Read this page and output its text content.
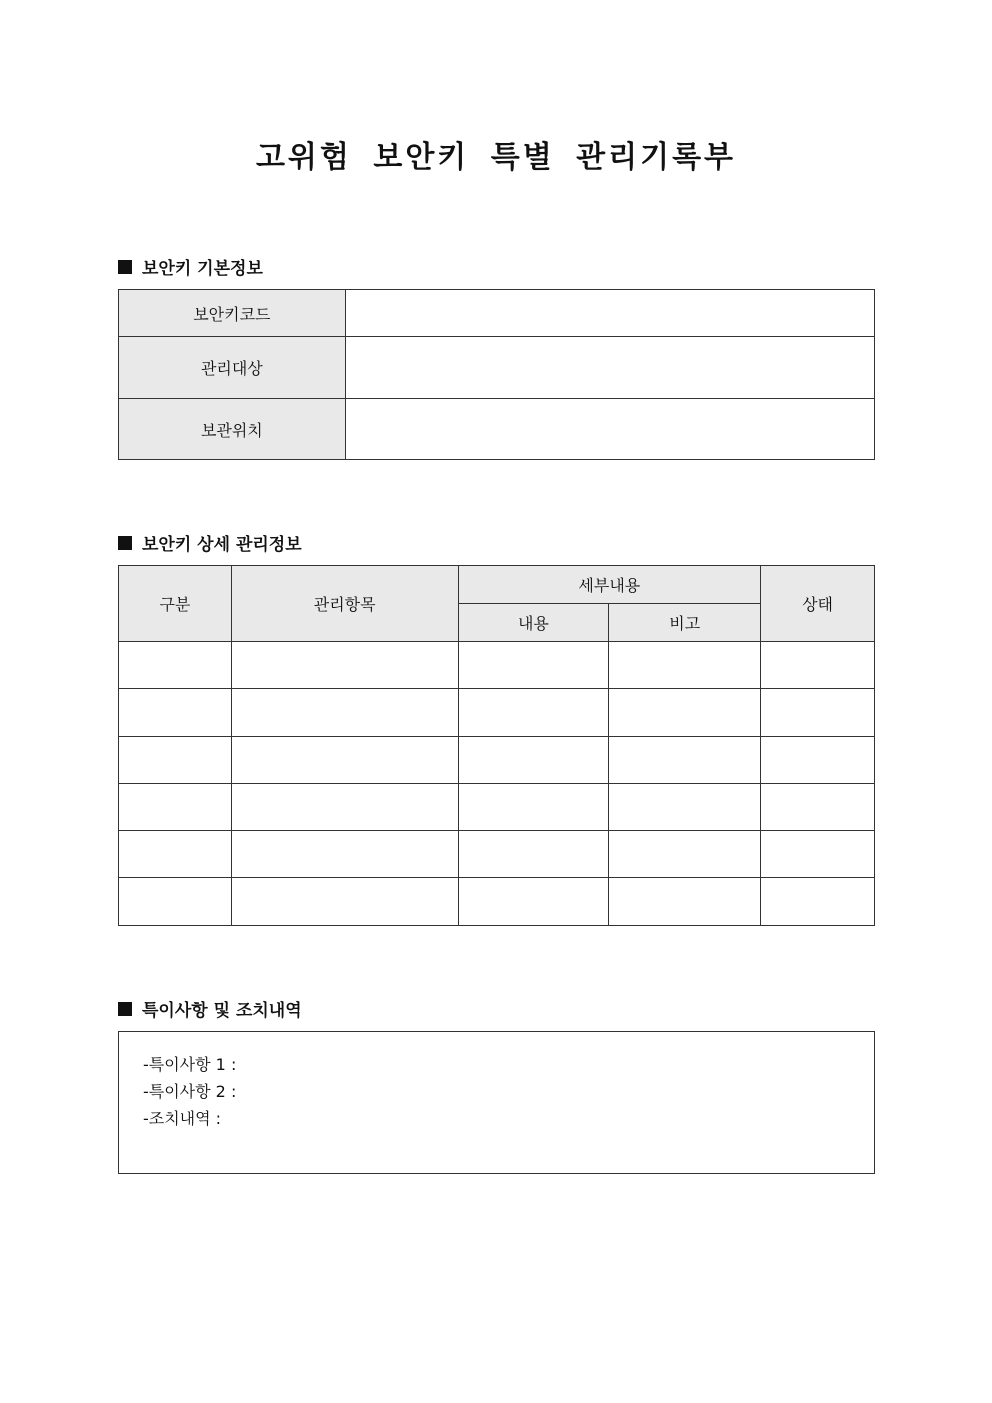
고위험 보안키 특별 관리기록부
보안키 기본정보
보안키코드	
관리대상	
보관위치	
보안키 상세 관리정보
구분	관리항목	세부내용		상태
		내용	비고	

특이사항 및 조치내역
-특이사항 1 :
-특이사항 2 :
-조치내역 :
